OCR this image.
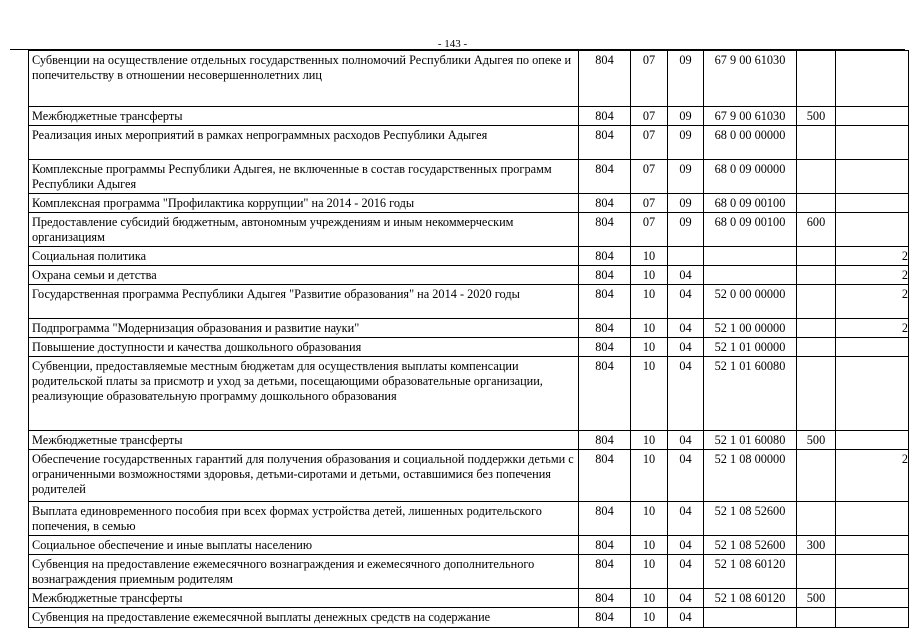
- 143 -
Субвенции на осуществление отдельных государственных полномочий Республики Адыгея по опеке и попечительству в отношении несовершеннолетних лиц	804	07	09	67 9 00 61030		
Межбюджетные трансферты	804	07	09	67 9 00 61030	500	
Реализация иных мероприятий в рамках непрограммных расходов Республики Адыгея	804	07	09	68 0 00 00000		
Комплексные программы Республики Адыгея, не включенные в состав государственных программ Республики Адыгея	804	07	09	68 0 09 00000		
Комплексная программа "Профилактика коррупции" на 2014 - 2016 годы	804	07	09	68 0 09 00100		
Предоставление субсидий бюджетным, автономным учреждениям и иным некоммерческим организациям	804	07	09	68 0 09 00100	600	
Социальная политика	804	10				2
Охрана семьи и детства	804	10	04			2
Государственная программа Республики Адыгея "Развитие образования" на 2014 - 2020 годы	804	10	04	52 0 00 00000		2
Подпрограмма "Модернизация образования и развитие науки"	804	10	04	52 1 00 00000		2
Повышение доступности и качества дошкольного образования	804	10	04	52 1 01 00000		
Субвенции, предоставляемые местным бюджетам для осуществления выплаты компенсации родительской платы за присмотр и уход за детьми, посещающими образовательные организации, реализующие образовательную программу дошкольного образования	804	10	04	52 1 01 60080		
Межбюджетные трансферты	804	10	04	52 1 01 60080	500	
Обеспечение государственных гарантий для получения образования и социальной поддержки детьми с ограниченными возможностями здоровья, детьми-сиротами и детьми, оставшимися без попечения родителей	804	10	04	52 1 08 00000		2
Выплата единовременного пособия при всех формах устройства детей, лишенных родительского попечения, в семью	804	10	04	52 1 08 52600		
Социальное обеспечение и иные выплаты населению	804	10	04	52 1 08 52600	300	
Субвенция на предоставление ежемесячного вознаграждения и ежемесячного дополнительного вознаграждения приемным родителям	804	10	04	52 1 08 60120		
Межбюджетные трансферты	804	10	04	52 1 08 60120	500	
Субвенция на предоставление ежемесячной выплаты денежных средств на содержание	804	10	04			
